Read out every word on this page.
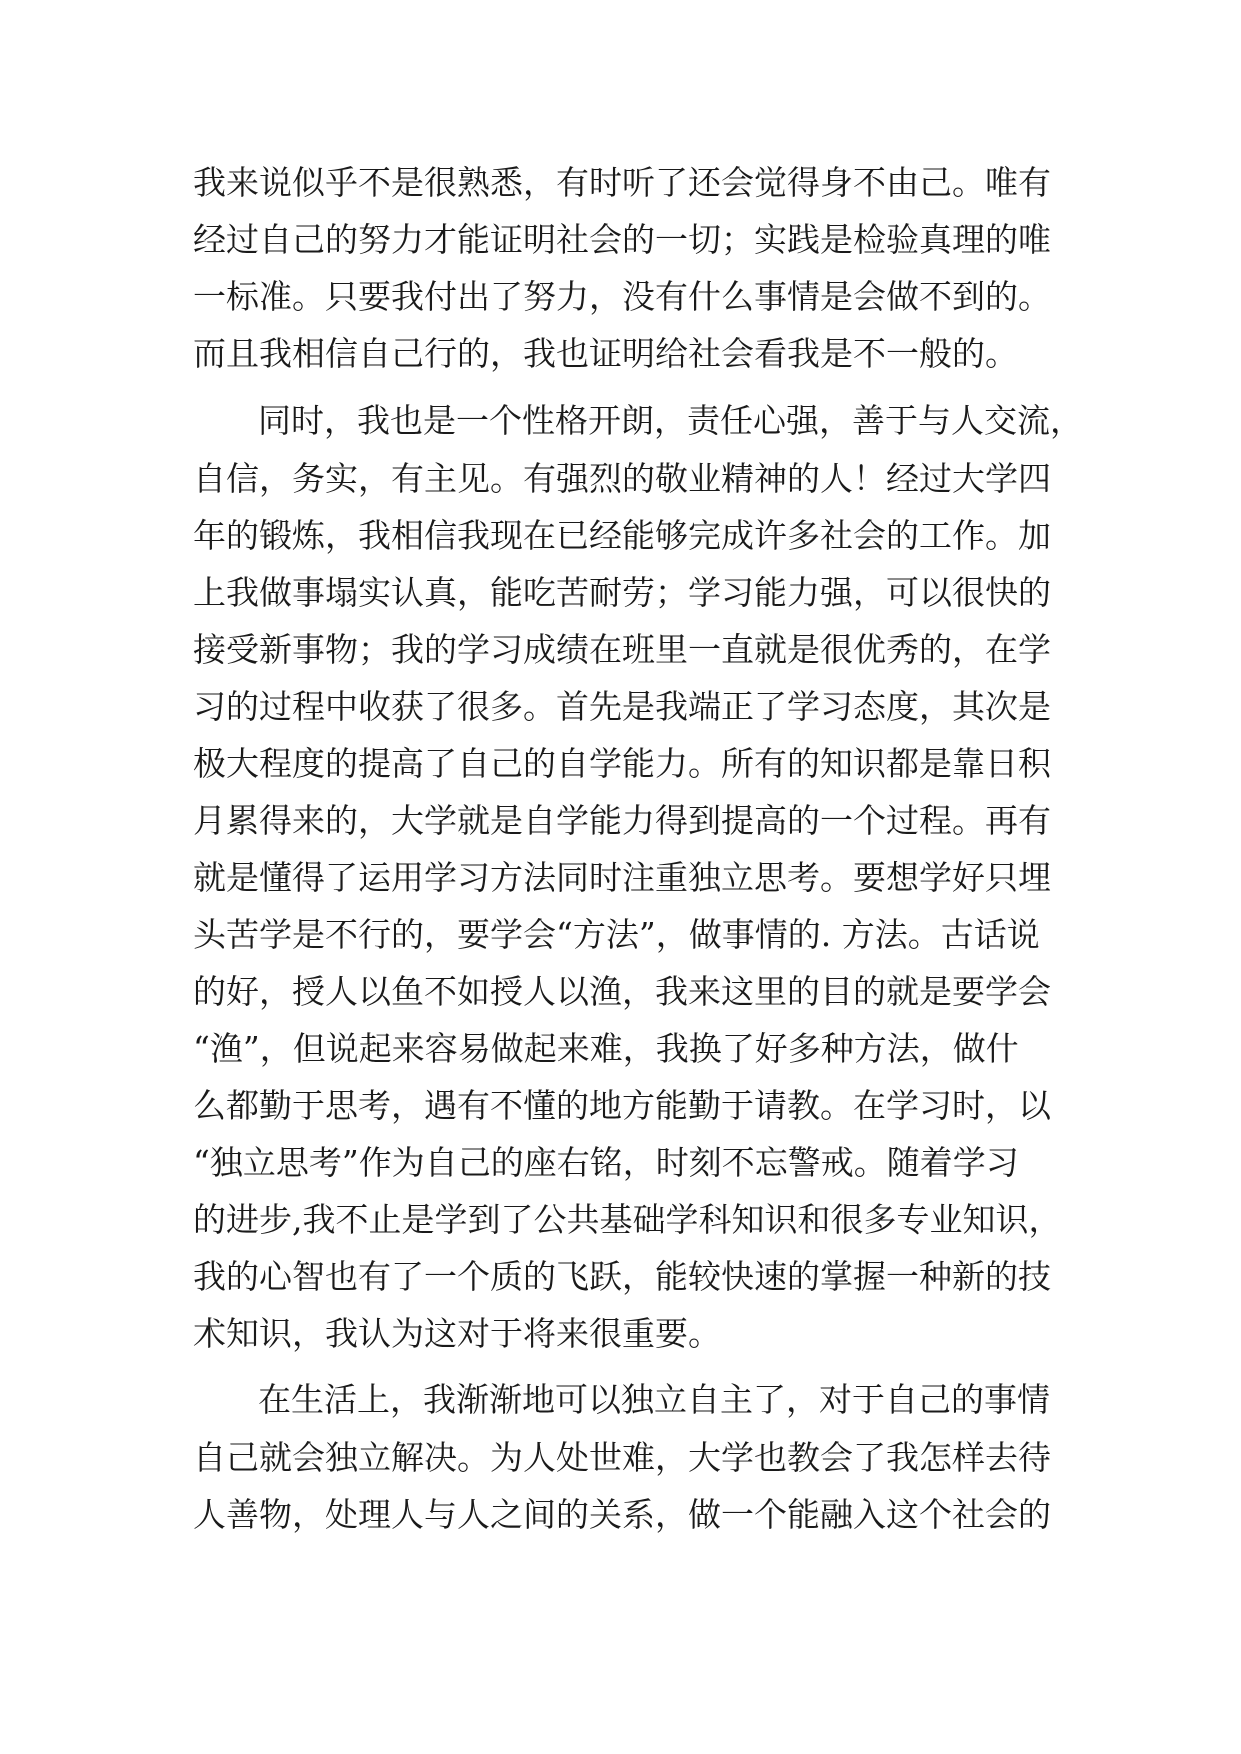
我来说似乎不是很熟悉，有时听了还会觉得身不由己。唯有
经过自己的努力才能证明社会的一切；实践是检验真理的唯
一标准。只要我付出了努力，没有什么事情是会做不到的。
而且我相信自己行的，我也证明给社会看我是不一般的。
同时，我也是一个性格开朗，责任心强，善于与人交流，
自信，务实，有主见。有强烈的敬业精神的人！经过大学四
年的锻炼，我相信我现在已经能够完成许多社会的工作。加
上我做事塌实认真，能吃苦耐劳；学习能力强，可以很快的
接受新事物；我的学习成绩在班里一直就是很优秀的，在学
习的过程中收获了很多。首先是我端正了学习态度，其次是
极大程度的提高了自己的自学能力。所有的知识都是靠日积
月累得来的，大学就是自学能力得到提高的一个过程。再有
就是懂得了运用学习方法同时注重独立思考。要想学好只埋
头苦学是不行的，要学会“方法”，做事情的. 方法。古话说
的好，授人以鱼不如授人以渔，我来这里的目的就是要学会
“渔”，但说起来容易做起来难，我换了好多种方法，做什
么都勤于思考，遇有不懂的地方能勤于请教。在学习时，以
“独立思考”作为自己的座右铭，时刻不忘警戒。随着学习
的进步,我不止是学到了公共基础学科知识和很多专业知识，
我的心智也有了一个质的飞跃，能较快速的掌握一种新的技
术知识，我认为这对于将来很重要。
在生活上，我渐渐地可以独立自主了，对于自己的事情
自己就会独立解决。为人处世难，大学也教会了我怎样去待
人善物，处理人与人之间的关系，做一个能融入这个社会的
